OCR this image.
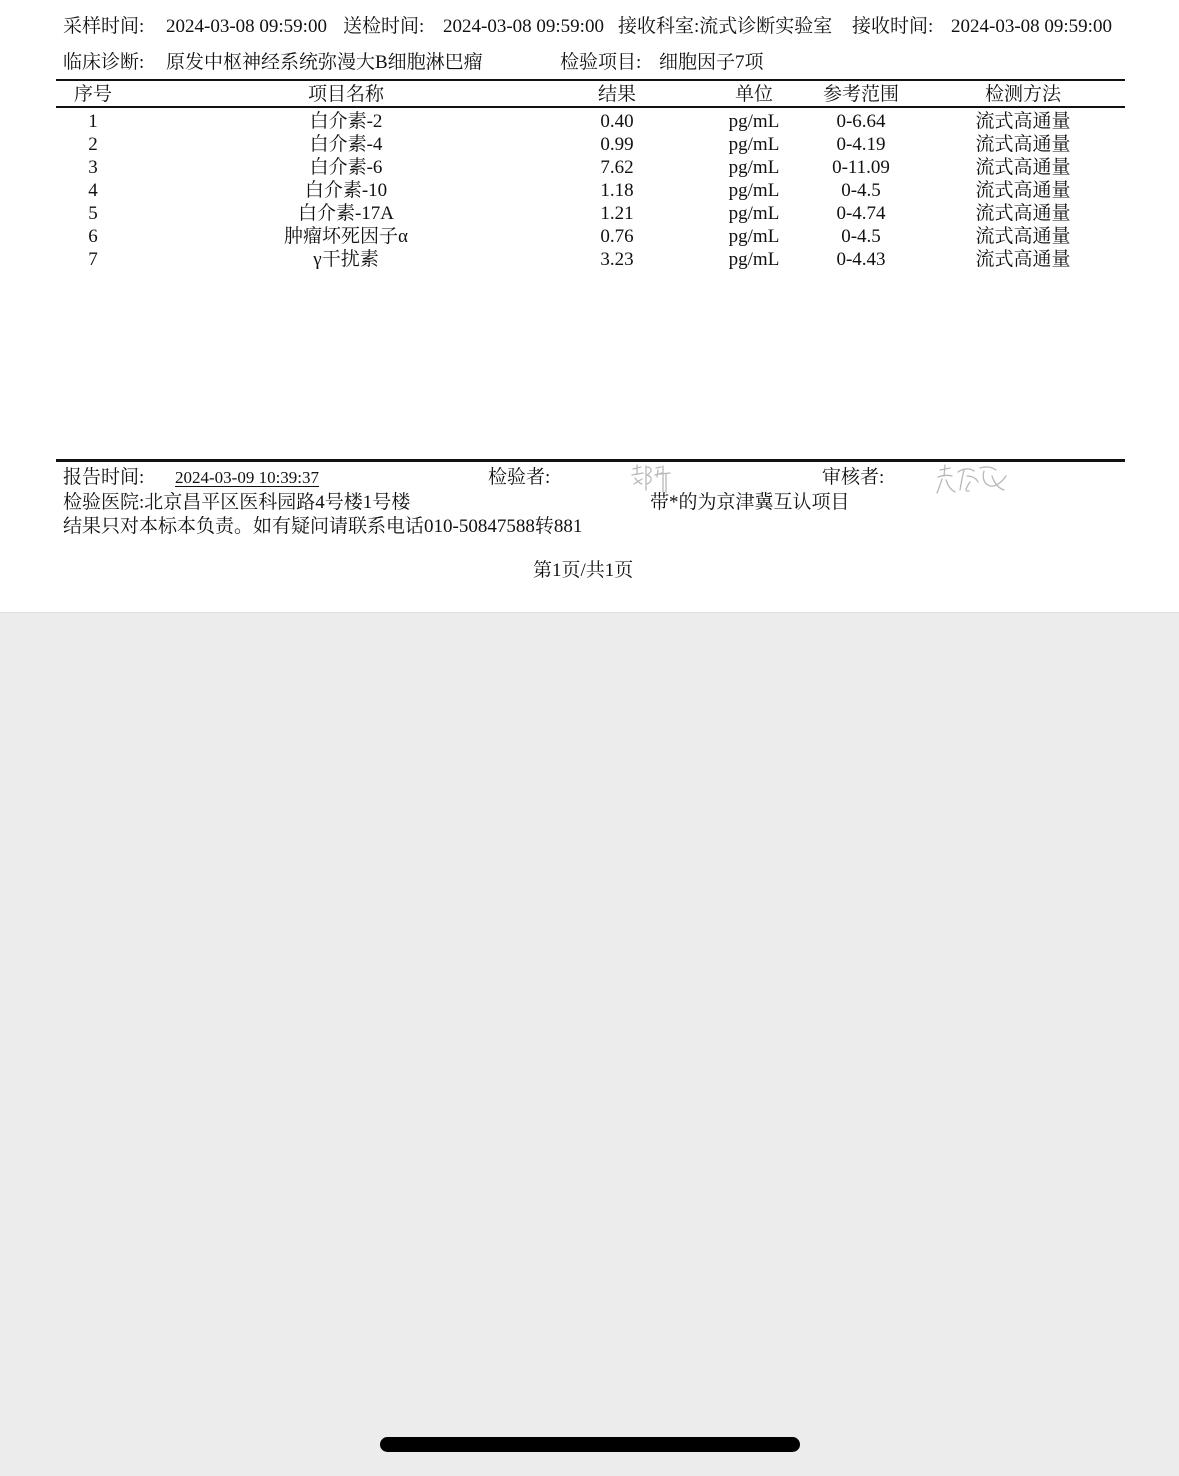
采样时间: 2024-03-08 09:59:00 送检时间: 2024-03-08 09:59:00 接收科室:流式诊断实验室 接收时间: 2024-03-08 09:59:00
临床诊断: 原发中枢神经系统弥漫大B细胞淋巴瘤	检验项目: 细胞因子7项
序号	项目名称	结果	单位	参考范围	检测方法
1	白介素-2	0.40	pg/mL	0-6.64	流式高通量
2	白介素-4	0.99	pg/mL	0-4.19	流式高通量
3	白介素-6	7.62	pg/mL	0-11.09	流式高通量
4	白介素-10	1.18	pg/mL	0-4.5	流式高通量
5	白介素-17A	1.21	pg/mL	0-4.74	流式高通量
6	肿瘤坏死因子α	0.76	pg/mL	0-4.5	流式高通量
7	γ干扰素	3.23	pg/mL	0-4.43	流式高通量
报告时间: 2024-03-09 10:39:37	检验者:	审核者:
检验医院:北京昌平区医科园路4号楼1号楼	带*的为京津冀互认项目
结果只对本标本负责。如有疑问请联系电话010-50847588转881
第1页/共1页
